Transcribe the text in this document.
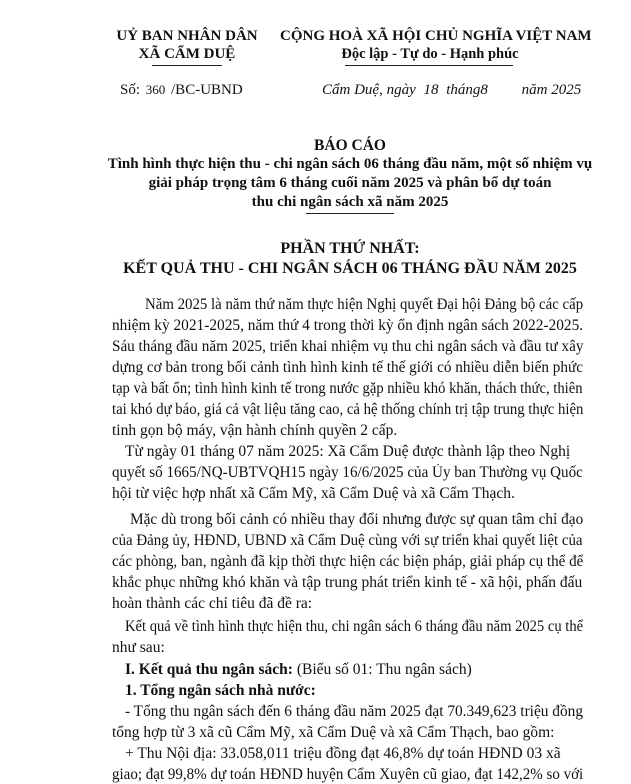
UỶ BAN NHÂN DÂN
XÃ CẨM DUỆ
CỘNG HOÀ XÃ HỘI CHỦ NGHĨA VIỆT NAM
Độc lập - Tự do - Hạnh phúc
Số: 360 /BC-UBND	Cẩm Duệ, ngày 18 tháng8 năm 2025
BÁO CÁO
Tình hình thực hiện thu - chi ngân sách 06 tháng đầu năm, một số nhiệm vụ
giải pháp trọng tâm 6 tháng cuối năm 2025 và phân bổ dự toán
thu chi ngân sách xã năm 2025
PHẦN THỨ NHẤT:
KẾT QUẢ THU - CHI NGÂN SÁCH 06 THÁNG ĐẦU NĂM 2025
Năm 2025 là năm thứ năm thực hiện Nghị quyết Đại hội Đảng bộ các cấp
nhiệm kỳ 2021-2025, năm thứ 4 trong thời kỳ ổn định ngân sách 2022-2025.
Sáu tháng đầu năm 2025, triển khai nhiệm vụ thu chi ngân sách và đầu tư xây
dựng cơ bản trong bối cảnh tình hình kinh tế thế giới có nhiều diễn biến phức
tạp và bất ổn; tình hình kinh tế trong nước gặp nhiều khó khăn, thách thức, thiên
tai khó dự báo, giá cả vật liệu tăng cao, cả hệ thống chính trị tập trung thực hiện
tinh gọn bộ máy, vận hành chính quyền 2 cấp.
Từ ngày 01 tháng 07 năm 2025: Xã Cẩm Duệ được thành lập theo Nghị
quyết số 1665/NQ-UBTVQH15 ngày 16/6/2025 của Ủy ban Thường vụ Quốc
hội từ việc hợp nhất xã Cẩm Mỹ, xã Cẩm Duệ và xã Cẩm Thạch.
Mặc dù trong bối cảnh có nhiều thay đổi nhưng được sự quan tâm chỉ đạo
của Đảng ủy, HĐND, UBND xã Cẩm Duệ cùng với sự triển khai quyết liệt của
các phòng, ban, ngành đã kịp thời thực hiện các biện pháp, giải pháp cụ thể để
khắc phục những khó khăn và tập trung phát triển kinh tế - xã hội, phấn đấu
hoàn thành các chỉ tiêu đã đề ra:
Kết quả về tình hình thực hiện thu, chi ngân sách 6 tháng đầu năm 2025 cụ thể
như sau:
I. Kết quả thu ngân sách: (Biểu số 01: Thu ngân sách)
1. Tổng ngân sách nhà nước:
- Tổng thu ngân sách đến 6 tháng đầu năm 2025 đạt 70.349,623 triệu đồng
tổng hợp từ 3 xã cũ Cẩm Mỹ, xã Cẩm Duệ và xã Cẩm Thạch, bao gồm:
+ Thu Nội địa: 33.058,011 triệu đồng đạt 46,8% dự toán HĐND 03 xã
giao; đạt 99,8% dự toán HĐND huyện Cẩm Xuyên cũ giao, đạt 142,2% so với
